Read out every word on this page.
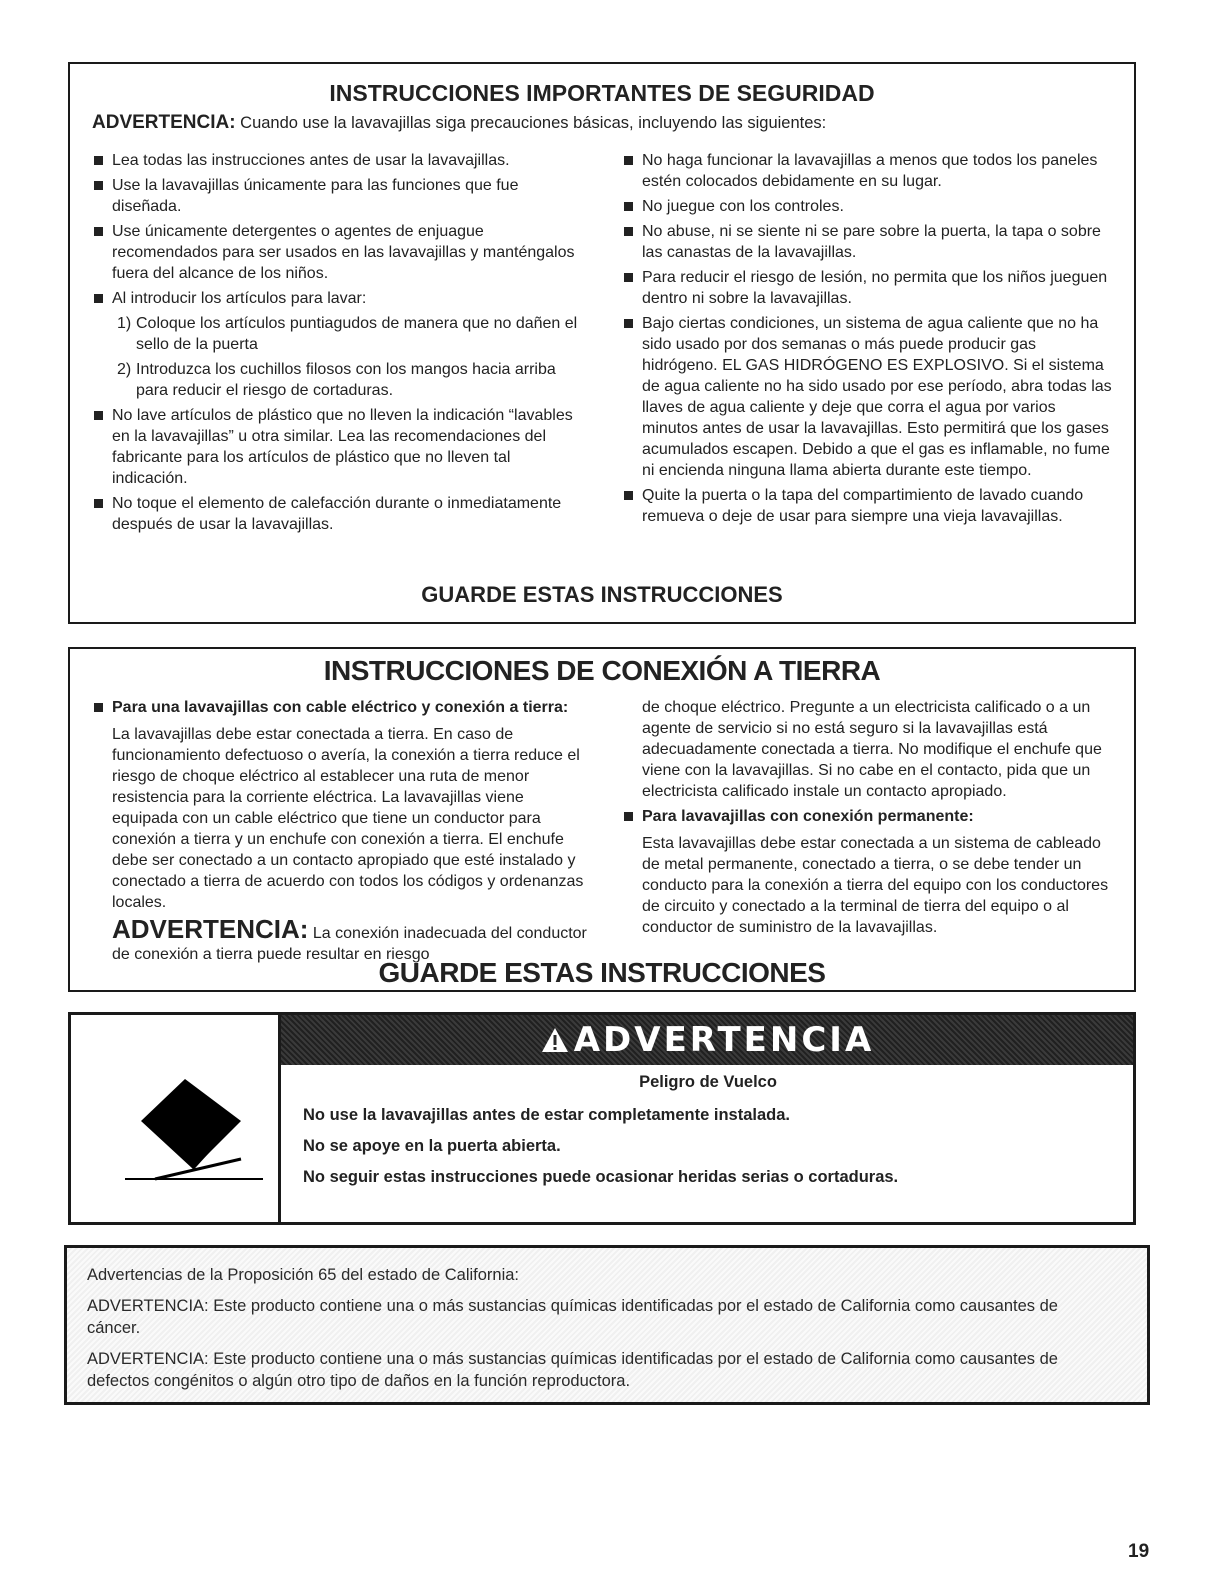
INSTRUCCIONES IMPORTANTES DE SEGURIDAD
ADVERTENCIA: Cuando use la lavavajillas siga precauciones básicas, incluyendo las siguientes:
Lea todas las instrucciones antes de usar la lavavajillas.
Use la lavavajillas únicamente para las funciones que fue diseñada.
Use únicamente detergentes o agentes de enjuague recomendados para ser usados en las lavavajillas y manténgalos fuera del alcance de los niños.
Al introducir los artículos para lavar:
1) Coloque los artículos puntiagudos de manera que no dañen el sello de la puerta
2) Introduzca los cuchillos filosos con los mangos hacia arriba para reducir el riesgo de cortaduras.
No lave artículos de plástico que no lleven la indicación “lavables en la lavavajillas” u otra similar. Lea las recomendaciones del fabricante para los artículos de plástico que no lleven tal indicación.
No toque el elemento de calefacción durante o inmediatamente después de usar la lavavajillas.
No haga funcionar la lavavajillas a menos que todos los paneles estén colocados debidamente en su lugar.
No juegue con los controles.
No abuse, ni se siente ni se pare sobre la puerta, la tapa o sobre las canastas de la lavavajillas.
Para reducir el riesgo de lesión, no permita que los niños jueguen dentro ni sobre la lavavajillas.
Bajo ciertas condiciones, un sistema de agua caliente que no ha sido usado por dos semanas o más puede producir gas hidrógeno. EL GAS HIDRÓGENO ES EXPLOSIVO. Si el sistema de agua caliente no ha sido usado por ese período, abra todas las llaves de agua caliente y deje que corra el agua por varios minutos antes de usar la lavavajillas. Esto permitirá que los gases acumulados escapen. Debido a que el gas es inflamable, no fume ni encienda ninguna llama abierta durante este tiempo.
Quite la puerta o la tapa del compartimiento de lavado cuando remueva o deje de usar para siempre una vieja lavavajillas.
GUARDE ESTAS INSTRUCCIONES
INSTRUCCIONES DE CONEXIÓN A TIERRA
Para una lavavajillas con cable eléctrico y conexión a tierra:
La lavavajillas debe estar conectada a tierra. En caso de funcionamiento defectuoso o avería, la conexión a tierra reduce el riesgo de choque eléctrico al establecer una ruta de menor resistencia para la corriente eléctrica. La lavavajillas viene equipada con un cable eléctrico que tiene un conductor para conexión a tierra y un enchufe con conexión a tierra. El enchufe debe ser conectado a un contacto apropiado que esté instalado y conectado a tierra de acuerdo con todos los códigos y ordenanzas locales.
ADVERTENCIA: La conexión inadecuada del conductor de conexión a tierra puede resultar en riesgo
de choque eléctrico. Pregunte a un electricista calificado o a un agente de servicio si no está seguro si la lavavajillas está adecuadamente conectada a tierra. No modifique el enchufe que viene con la lavavajillas. Si no cabe en el contacto, pida que un electricista calificado instale un contacto apropiado.
Para lavavajillas con conexión permanente:
Esta lavavajillas debe estar conectada a un sistema de cableado de metal permanente, conectado a tierra, o se debe tender un conducto para la conexión a tierra del equipo con los conductores de circuito y conectado a la terminal de tierra del equipo o al conductor de suministro de la lavavajillas.
GUARDE ESTAS INSTRUCCIONES
ADVERTENCIA
Peligro de Vuelco
No use la lavavajillas antes de estar completamente instalada.
No se apoye en la puerta abierta.
No seguir estas instrucciones puede ocasionar heridas serias o cortaduras.
Advertencias de la Proposición 65 del estado de California:
ADVERTENCIA: Este producto contiene una o más sustancias químicas identificadas por el estado de California como causantes de cáncer.
ADVERTENCIA: Este producto contiene una o más sustancias químicas identificadas por el estado de California como causantes de defectos congénitos o algún otro tipo de daños en la función reproductora.
19
